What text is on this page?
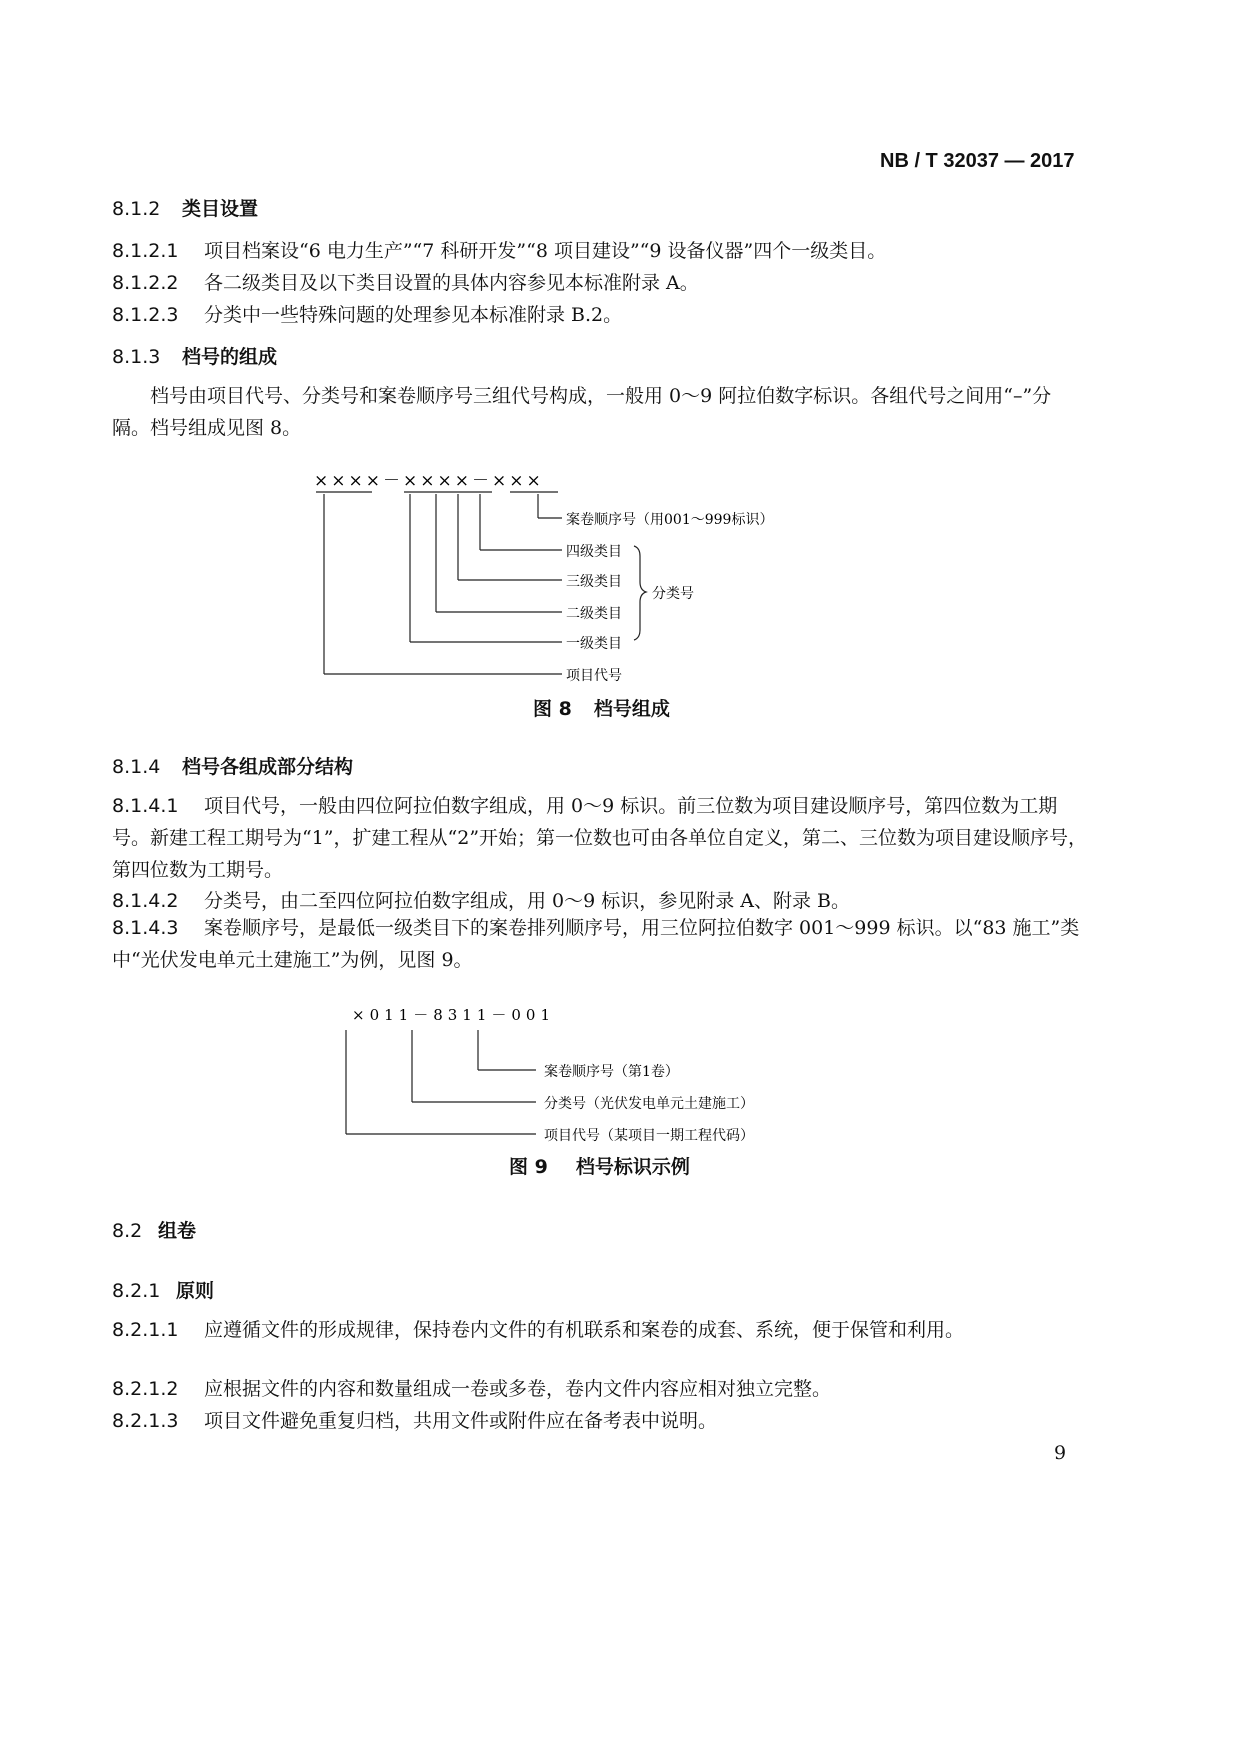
NB / T 32037 — 2017
8.1.2 类目设置
8.1.2.1 项目档案设“6 电力生产”“7 科研开发”“8 项目建设”“9 设备仪器”四个一级类目。
8.1.2.2 各二级类目及以下类目设置的具体内容参见本标准附录 A。
8.1.2.3 分类中一些特殊问题的处理参见本标准附录 B.2。
8.1.3 档号的组成
档号由项目代号、分类号和案卷顺序号三组代号构成，一般用 0～9 阿拉伯数字标识。各组代号之间用“–”分隔。档号组成见图 8。
××××－××××－×××
案卷顺序号（用001～999标识）
四级类目
三级类目
二级类目
一级类目
项目代号
分类号
图 8 档号组成
8.1.4 档号各组成部分结构
8.1.4.1 项目代号，一般由四位阿拉伯数字组成，用 0～9 标识。前三位数为项目建设顺序号，第四位数为工期号。新建工程工期号为“1”，扩建工程从“2”开始；第一位数也可由各单位自定义，第二、三位数为项目建设顺序号，第四位数为工期号。
8.1.4.2 分类号，由二至四位阿拉伯数字组成，用 0～9 标识，参见附录 A、附录 B。
8.1.4.3 案卷顺序号，是最低一级类目下的案卷排列顺序号，用三位阿拉伯数字 001～999 标识。以“83 施工”类中“光伏发电单元土建施工”为例，见图 9。
×011－8311－001
案卷顺序号（第1卷）
分类号（光伏发电单元土建施工）
项目代号（某项目一期工程代码）
图 9 档号标识示例
8.2 组卷
8.2.1 原则
8.2.1.1 应遵循文件的形成规律，保持卷内文件的有机联系和案卷的成套、系统，便于保管和利用。
8.2.1.2 应根据文件的内容和数量组成一卷或多卷，卷内文件内容应相对独立完整。
8.2.1.3 项目文件避免重复归档，共用文件或附件应在备考表中说明。
9
